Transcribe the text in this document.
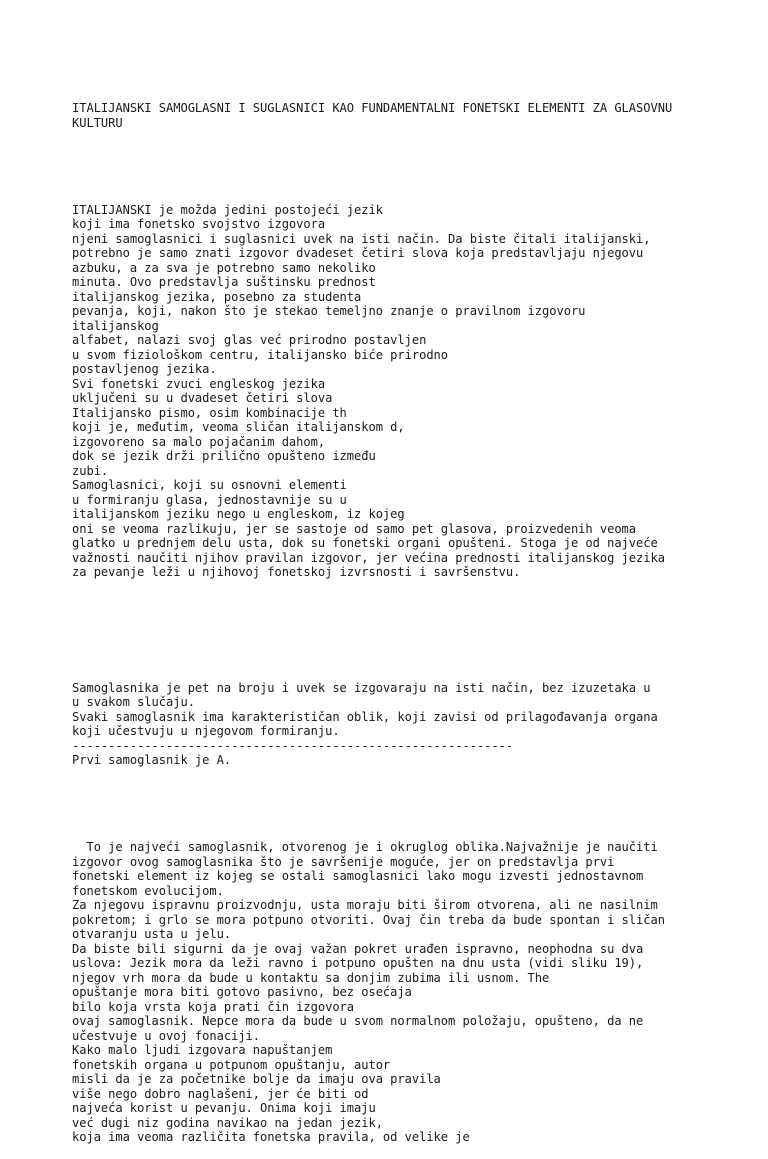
ITALIJANSKI SAMOGLASNI I SUGLASNICI KAO FUNDAMENTALNI FONETSKI ELEMENTI ZA GLASOVNU
KULTURU

ITALIJANSKI je možda jedini postojeći jezik
koji ima fonetsko svojstvo izgovora
njeni samoglasnici i suglasnici uvek na isti način. Da biste čitali italijanski,
potrebno je samo znati izgovor dvadeset četiri slova koja predstavljaju njegovu
azbuku, a za sva je potrebno samo nekoliko
minuta. Ovo predstavlja suštinsku prednost
italijanskog jezika, posebno za studenta
pevanja, koji, nakon što je stekao temeljno znanje o pravilnom izgovoru
italijanskog
alfabet, nalazi svoj glas već prirodno postavljen
u svom fiziološkom centru, italijansko biće prirodno
postavljenog jezika.
Svi fonetski zvuci engleskog jezika
uključeni su u dvadeset četiri slova
Italijansko pismo, osim kombinacije th
koji je, međutim, veoma sličan italijanskom d,
izgovoreno sa malo pojačanim dahom,
dok se jezik drži prilično opušteno između
zubi.
Samoglasnici, koji su osnovni elementi
u formiranju glasa, jednostavnije su u
italijanskom jeziku nego u engleskom, iz kojeg
oni se veoma razlikuju, jer se sastoje od samo pet glasova, proizvedenih veoma
glatko u prednjem delu usta, dok su fonetski organi opušteni. Stoga je od najveće
važnosti naučiti njihov pravilan izgovor, jer većina prednosti italijanskog jezika
za pevanje leži u njihovoj fonetskoj izvrsnosti i savršenstvu.

Samoglasnika je pet na broju i uvek se izgovaraju na isti način, bez izuzetaka u
u svakom slučaju.
Svaki samoglasnik ima karakterističan oblik, koji zavisi od prilagođavanja organa
koji učestvuju u njegovom formiranju.
-------------------------------------------------------------
Prvi samoglasnik je A.

To je najveći samoglasnik, otvorenog je i okruglog oblika.Najvažnije je naučiti
izgovor ovog samoglasnika što je savršenije moguće, jer on predstavlja prvi
fonetski element iz kojeg se ostali samoglasnici lako mogu izvesti jednostavnom
fonetskom evolucijom.
Za njegovu ispravnu proizvodnju, usta moraju biti širom otvorena, ali ne nasilnim
pokretom; i grlo se mora potpuno otvoriti. Ovaj čin treba da bude spontan i sličan
otvaranju usta u jelu.
Da biste bili sigurni da je ovaj važan pokret urađen ispravno, neophodna su dva
uslova: Jezik mora da leži ravno i potpuno opušten na dnu usta (vidi sliku 19),
njegov vrh mora da bude u kontaktu sa donjim zubima ili usnom. The
opuštanje mora biti gotovo pasivno, bez osećaja
bilo koja vrsta koja prati čin izgovora
ovaj samoglasnik. Nepce mora da bude u svom normalnom položaju, opušteno, da ne
učestvuje u ovoj fonaciji.
Kako malo ljudi izgovara napuštanjem
fonetskih organa u potpunom opuštanju, autor
misli da je za početnike bolje da imaju ova pravila
više nego dobro naglašeni, jer će biti od
najveća korist u pevanju. Onima koji imaju
već dugi niz godina navikao na jedan jezik,
koja ima veoma različita fonetska pravila, od velike je
